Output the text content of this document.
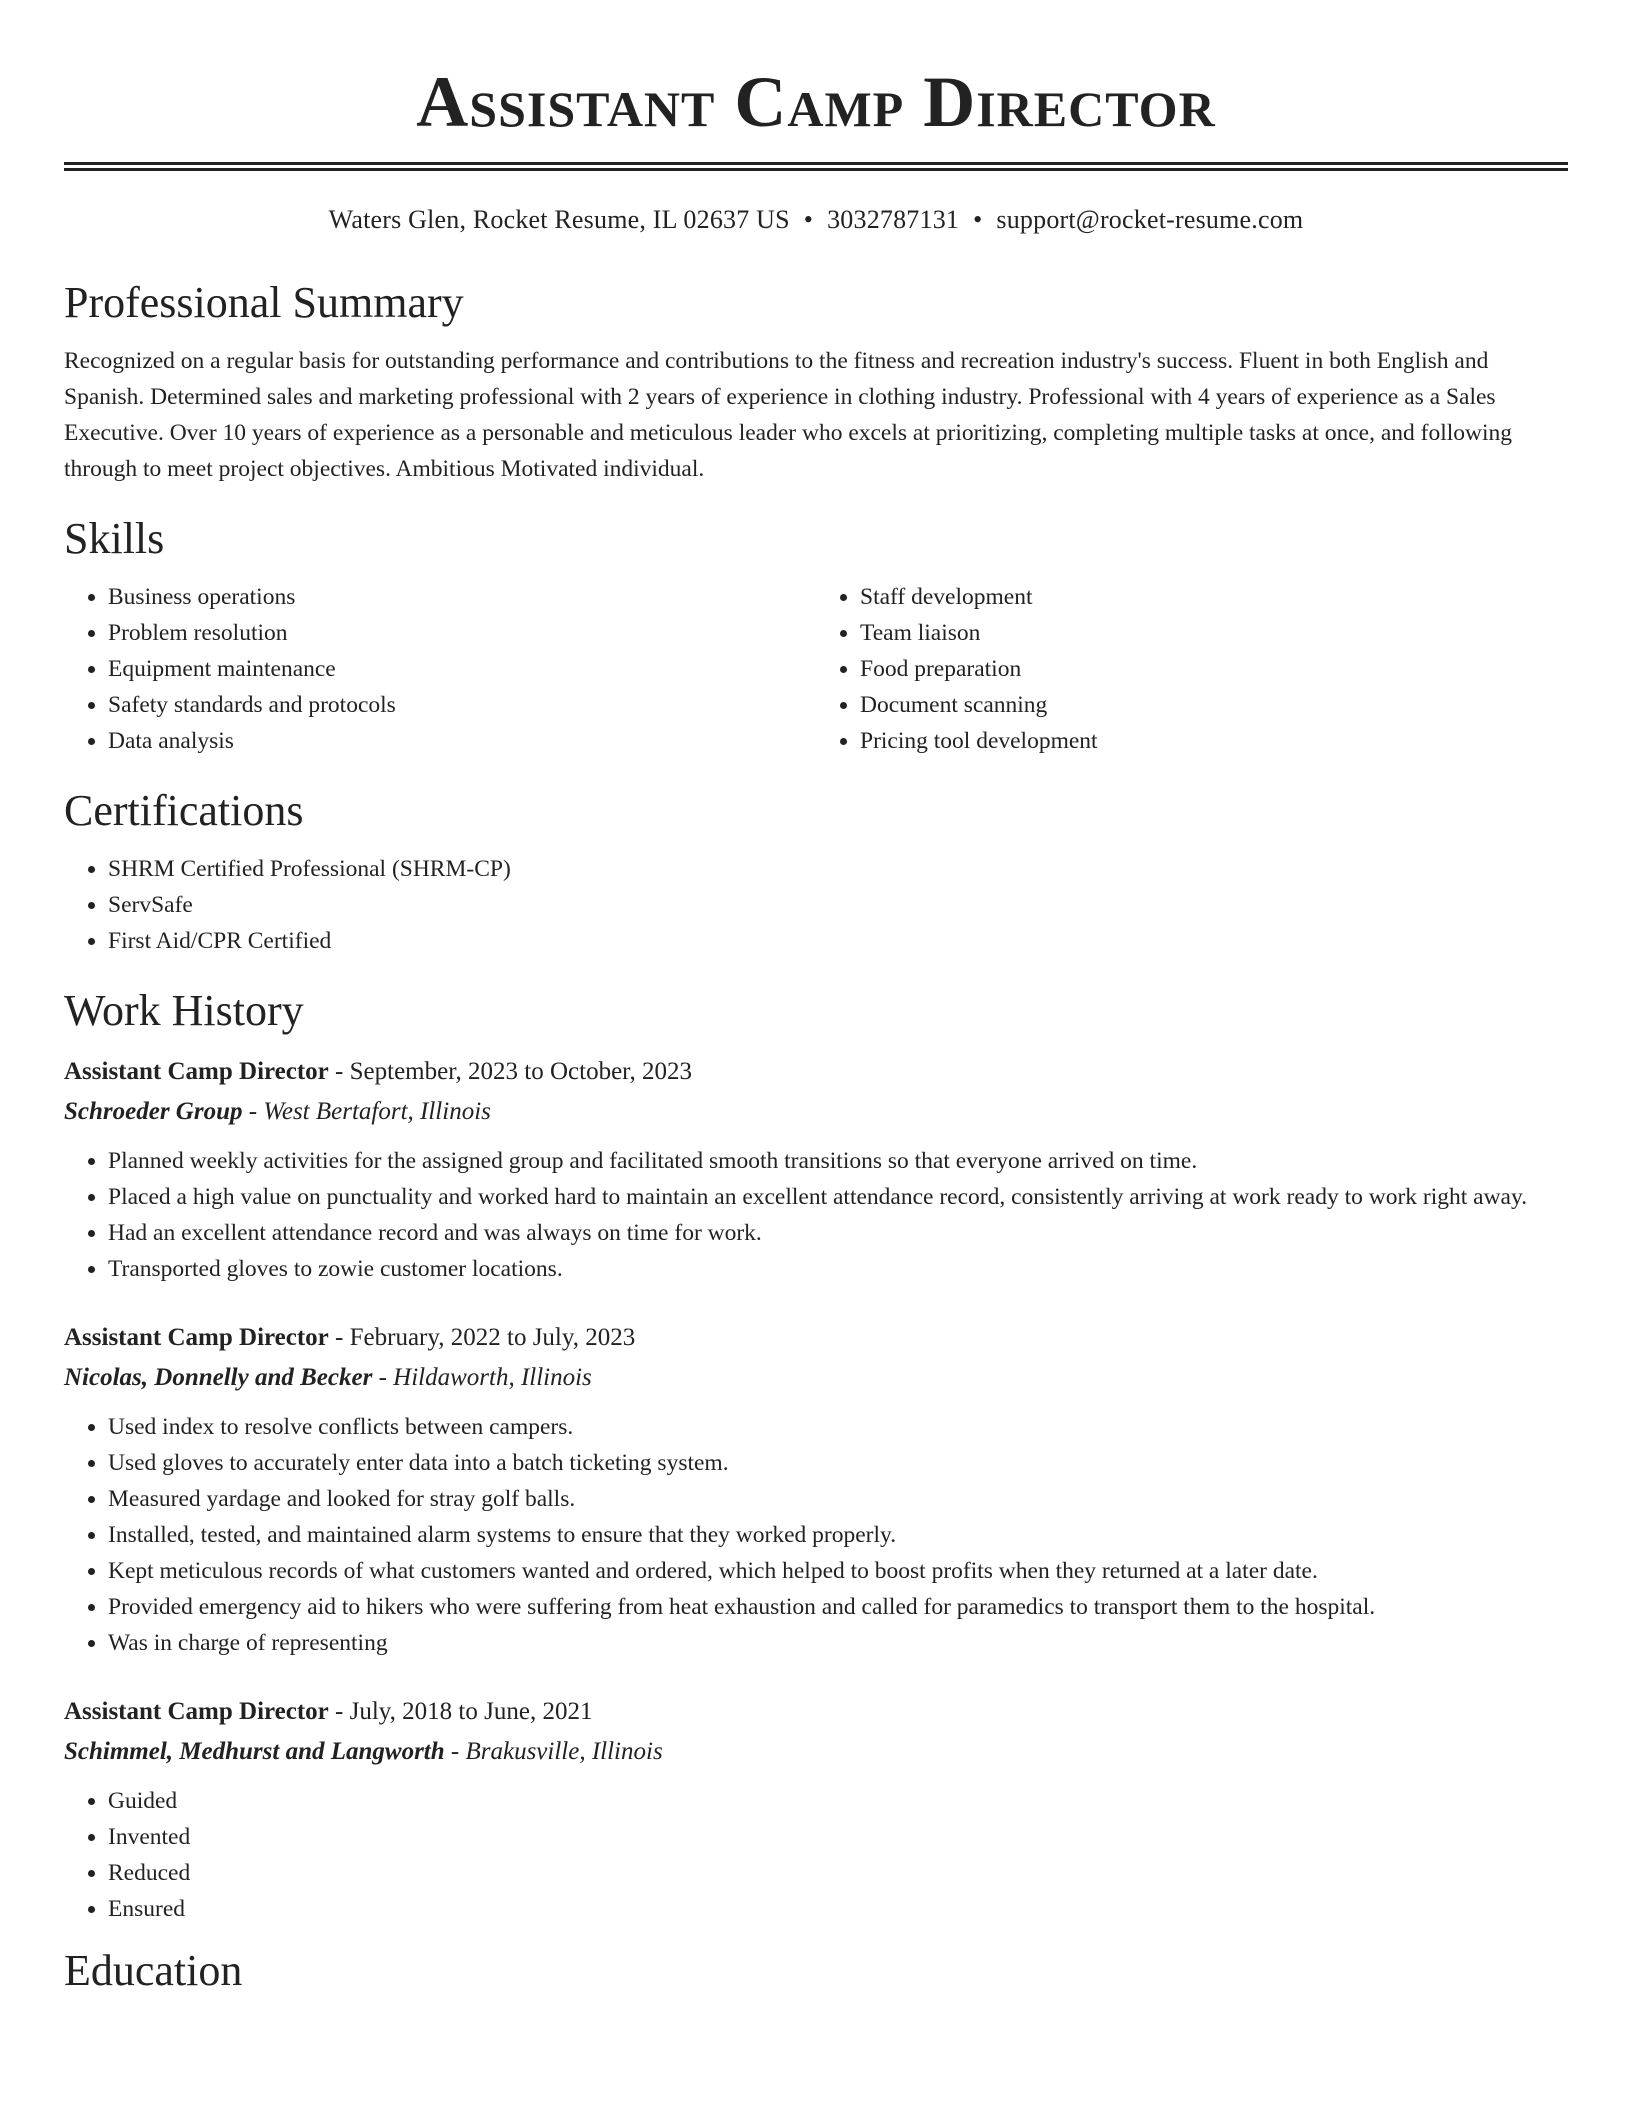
Assistant Camp Director
Waters Glen, Rocket Resume, IL 02637 US • 3032787131 • support@rocket-resume.com
Professional Summary

Recognized on a regular basis for outstanding performance and contributions to the fitness and recreation industry's success. Fluent in both English and Spanish. Determined sales and marketing professional with 2 years of experience in clothing industry. Professional with 4 years of experience as a Sales Executive. Over 10 years of experience as a personable and meticulous leader who excels at prioritizing, completing multiple tasks at once, and following through to meet project objectives. Ambitious Motivated individual.

Skills
• Business operations
• Problem resolution
• Equipment maintenance
• Safety standards and protocols
• Data analysis
• Staff development
• Team liaison
• Food preparation
• Document scanning
• Pricing tool development
Certifications
• SHRM Certified Professional (SHRM-CP)
• ServSafe
• First Aid/CPR Certified
Work History
Assistant Camp Director - September, 2023 to October, 2023
Schroeder Group - West Bertafort, Illinois
• Planned weekly activities for the assigned group and facilitated smooth transitions so that everyone arrived on time.
• Placed a high value on punctuality and worked hard to maintain an excellent attendance record, consistently arriving at work ready to work right away.
• Had an excellent attendance record and was always on time for work.
• Transported gloves to zowie customer locations.
Assistant Camp Director - February, 2022 to July, 2023
Nicolas, Donnelly and Becker - Hildaworth, Illinois
• Used index to resolve conflicts between campers.
• Used gloves to accurately enter data into a batch ticketing system.
• Measured yardage and looked for stray golf balls.
• Installed, tested, and maintained alarm systems to ensure that they worked properly.
• Kept meticulous records of what customers wanted and ordered, which helped to boost profits when they returned at a later date.
• Provided emergency aid to hikers who were suffering from heat exhaustion and called for paramedics to transport them to the hospital.
• Was in charge of representing
Assistant Camp Director - July, 2018 to June, 2021
Schimmel, Medhurst and Langworth - Brakusville, Illinois
• Guided
• Invented
• Reduced
• Ensured
Education
